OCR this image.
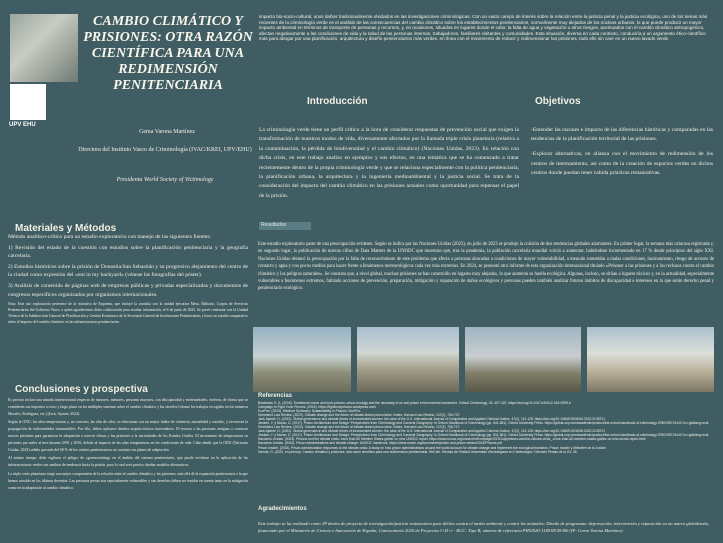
UPV EHU
CAMBIO CLIMÁTICO Y PRISIONES: OTRA RAZÓN CIENTÍFICA PARA UNA REDIMENSIÓN PENITENCIARIA
impacto bio-socio-cultural, unos daños tradicionalmente olvidados en las investigaciones criminológicas. Con un vasto campo de interés sobre la relación entre la justicia penal y la justicia ecológica, uno de los temas más recientes de la criminología verde es el análisis de las consecuencias del cambio climático sobre los establecimientos penitenciarios, normalmente muy alejados de los núcleos urbanos, lo que puede producir un mayor impacto ambiental en términos de transporte de personas y recursos, y, en ocasiones, situados en lugares donde el calor, la falta de agua y vegetación u otros riesgos, acentuados con el cambio climático antropogénico, afectan negativamente a las condiciones de vida y la salud de las personas internas, trabajadores, familiares visitantes y comunidades. Esta situación, diversa en cada contexto, conduciría a un argumento ético-científico más para abogar por una planificación, arquitectura y diseño penitenciarios más verdes, en línea con el movimiento de reducir y redimensionar las prisiones, todo ello sin caer en un nuevo lavado verde.
Gema Varona Martínez
Directora del Instituto Vasco de Criminología (IVAC/KREI, UPV/EHU)
Presidenta World Society of Victimology
Introducción	Objetivos
La criminología verde tiene un perfil crítico a la hora de considerar respuestas de prevención social que exigen la transformación de nuestros modos de vida, diversamente afectados por la llamada triple crisis planetaria (relativa a la contaminación, la pérdida de biodiversidad y el cambio climático) (Naciones Unidas, 2023). En relación con dicha crisis, en este trabajo analizo en ejemplos y sus efectos, en una temática que se ha comenzado a tratar recientemente dentro de la propia criminología verde y que se relaciona especialmente con la política penitenciaria, la planificación urbana, la arquitectura y la ingeniería medioambiental y la justicia social. Se trata de la consideración del impacto del cambio climático en las prisiones actuales como oportunidad para repensar el papel de la prisión.

-Entender las razones e impacto de las diferencias históricas y comparadas en las tendencias de la planificación territorial de las prisiones.

-Explorar alternativas, en alianza con el movimiento de redimensión de los centros de internamiento, así como de la creación de espacios verdes en dichos centros donde puedan tener cabida prácticas restaurativas.

Materiales y Métodos

Método analítico-crítico para un estudio exploratorio con manejo de las siguientes fuentes:

1) Revisión del estado de la cuestión con estudios sobre la planificación penitenciaria y la geografía carcelaria.

2) Estudios históricos sobre la prisión de Donostia/San Sebastián y su progresivo alejamiento del centro de la ciudad como expresión del «not in my backyard» (véanse las fotografías del póster).

3) Análisis de contenido de páginas web de empresas públicas y privadas especializadas y documentos de congresos específicos organizados por organismos internacionales.

Nota: Este uso exploratorio pertenece de la iniciativa de Esquema, que incluye la consulta con la unidad ejecutiva Mesa, Maltrato, Corpus de Servicios Penitenciarios del Gobierno Vasco, a quien agradecemos dicha colaboración para recabar información, el 6 de junio de 2023. Se prevé contrastar con la Unidad Técnica de la Subdirección General de Planificación y Gestión Económica de la Secretaría General de Instituciones Penitenciarias y hacer un estudio comparativo sobre el impacto del cambio climático en las infraestructuras penitenciarias.

Resultados
Este estudio exploratorio parte de una preocupación evidente. Según se indica por las Naciones Unidas (2023), en julio de 2023 se produjo la colisión de dos tendencias globales alarmantes. En primer lugar, la semana más calurosa registrada y, en segundo lugar, la publicación de nuevas cifras de Data Matters de la UNODC que muestran que, tras la pandemia, la población carcelaria mundial volvió a aumentar, habiéndose incrementado en 17 % desde principios del siglo XXI. Naciones Unidas destacó la preocupación por la falta de reconocimiento de este problema que afecta a personas abocadas a condiciones de mayor vulnerabilidad, a menudo sometidas a malas condiciones, hacinamiento, riesgo de accesos de contacto y agua y con pocos medios para hacer frente a fenómenos meteorológicos cada vez más extremos. En 2024, se presentó otro informe de esta organización internacional titulado «Prisoner a las prisiones y a los reclusos contra el cambio climático y los peligros naturales». Se constata que, a nivel global, muchas prisiones se han construido en lugares muy alejados, lo que aumenta su huella ecológica. Algunas, incluso, se sitúan a lugares tóxicos y, en la actualidad, especialmente vulnerables a fenómenos extremos, faltando acciones de prevención, preparación, mitigación y reparación de daños ecológicos y personas pueden también analizar futuros ámbitos de discapacidad e intereses en la que serán derecho penal y penitenciario ecológico.
Conclusiones y prospectiva

Es preciso incluir una mirada interseccional respecto de mayores, menores, personas mayores, con discapacidad y enfermedades, etcétera, de forma que se consideren sus impactos a corto y largo plazo en los múltiples sistemas sobre el cambio climático y las cárceles (véanse los trabajos recogidos en los números Morales, Rodríguez, etc.) (Jack, Ajamie, 2022).

Según la ONU, los altos temperaturas y, en concreto, las olas de calor, se relacionan con un mayor índice de violencia, mortalidad y suicidio, y favorecen la propagación de enfermedades transmisibles. Por ello, deben aplicarse diseños arquitectónicos innovadores. El recurso a las prisiones antiguas o construir nuevas prisiones para garantizar la adaptación a nuevos climas y las prisiones a la necesidades de los Estados Unidos. El incremento de temperaturas en prisiones por miles al mes durante 2001 y 2016, debido al impacto de las altas temperaturas en las condiciones de vida. Cabe añadir que la ONU (Naciones Unidas, 2023) señala que más del 60 % de los centros penitenciarios no cuentan con planes de adaptación.

Al mismo tiempo, debe vigilarse el peligro de «greenwashing» en el ámbito del sistema penitenciario, que puede revelarse en la aplicación de las infraestructuras verdes sin cambiar de tendencia hacia la prisión, para lo cual será preciso diseñar modelos alternativos.

La triple crisis planetaria exige una mejor comprensión de la relación entre el cambio climático y las prisiones, más allá de la expansión penitenciaria a la que hemos asistido en los últimos decenios. Las personas presas son especialmente vulnerables y sus derechos deben ser tenidos en cuenta tanto en la mitigación como en la adaptación al cambio climático.

Referencias
Bradshaw, E. A. (2018). Tombstone towns and toxic prisons: prison ecology and the necessity of an anti-prison environmental movement. Critical Criminology, 26, 407-422. https://doi.org/10.1007/s10612-018-9399-6
Campaign to Fight Toxic Prisons. (2016). https://fighttoxicprisons.wordpress.com/
EcoPrís. (2023). Webinar Summary: Sustainability in Prisons. EcoPrís.
Homeland Law Review. (2022). Climate change and the future of climate-linked prison labor. Notes. Harvard Law Review, 137(2), 706-727.
Jack Ajamie, D. (2022). Global governance and climate drives of incarcerated women: the case of the U.S. International Journal of Comparative and Applied Criminal Justice, 47(2), 113-128. https://doi.org/10.1080/01924036.2022.2138721
Jewkes, Y. y Moran, D. (2017). Prison Architecture and Design: Perspectives from Criminology and Carceral Geography. In Oxford Handbook of Criminology (pp. 541-561). Oxford University Press. https://global.oup.com/academic/product/the-oxford-handbook-of-criminology-9780198719441?cc=gb&lang=en&
Homeland Law Review. (2022). Climate change and the future of climate-linked prison labor. Notes. Harvard Law Review, 137(2), 706-727.
Jack Ajamie, D. (2022). Global governance and climate drives of incarcerated women: the case of the U.S. International Journal of Comparative and Applied Criminal Justice, 47(2), 113-128. https://doi.org/10.1080/01924036.2022.2138721
Jewkes, Y. y Moran, D. (2017). Prison Architecture and Design: Perspectives from Criminology and Carceral Geography. In Oxford Handbook of Criminology (pp. 541-561). Oxford University Press. https://global.oup.com/academic/product/the-oxford-handbook-of-criminology-9780198719441?cc=gb&lang=en&
Naciones Unidas. (2023). Prisons and the climate crisis: more than 60 Member States gather on new UNODC report. https://www.unodc.org/unodc/en/frontpage/2023/July/prisons-and-the-climate-crisis_-more-than-60-member-states-gather-on-new-unodc-report.html
Naciones Unidas. (2024). Prison administrations and climate change. UNODC handbook. https://www.unodc.org/documents/justice-and-prison-reform/2024/Prisons.pdf
Prison Insider. (2024). Prison administration responses to the climate crisis: A study on how prison administrations around the world account for climate change and implement the ecological transition. Prison Insider y Ministère de la Justice.
Varona, G. (2020, en prensa). Cambio climático y prisiones: otra razón científica para una redimensión penitenciaria. ReCrim. Revista de l'Institut Universitari d'Investigació en Criminologia i Ciències Penals de la UV, 35.
Agradecimientos
Este trabajo se ha realizado como 1P dentro de proyecto de investigación/justicia restaurativa para delitos contra el medio ambiente y contra los animales: Diseño de programas: depravación, intervención y reparación en un marco globalizado, financiado por el Ministerio de Ciencia e Innovación de España, Convocatoria 2020 de Proyectos I+D+i - RGC: Tipo B, número de referencia PID2020-114918GB-I00 (IP: Gema Varona Martínez).
